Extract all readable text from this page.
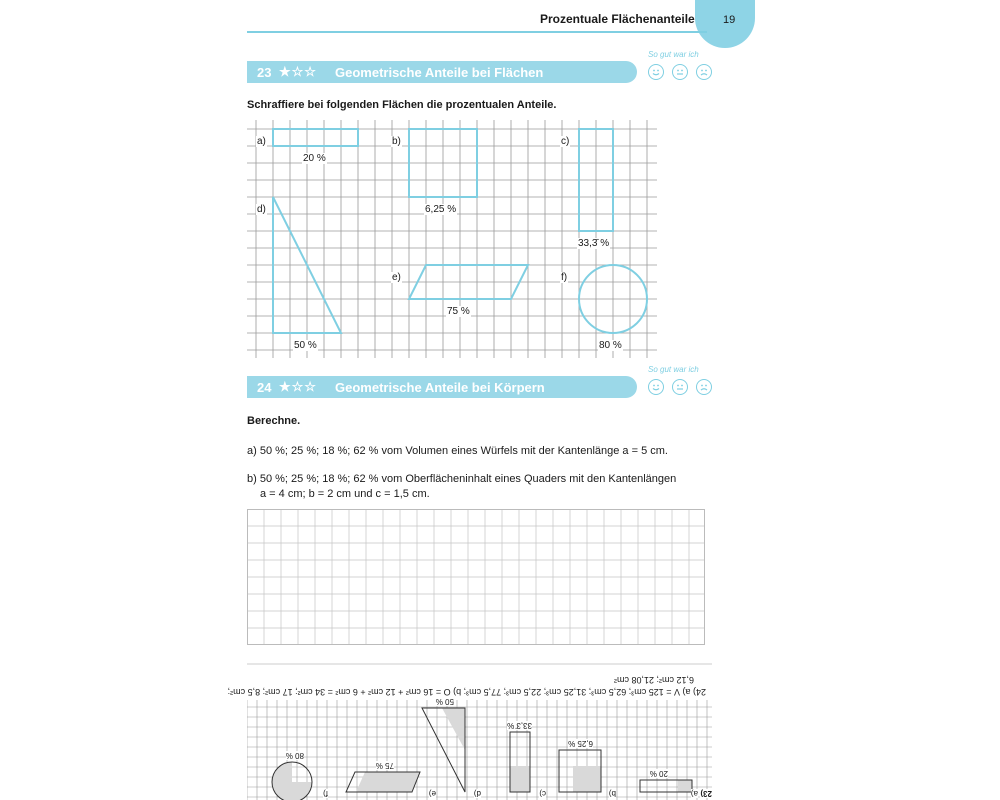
19
Prozentuale Flächenanteile
23 ★☆☆	Geometrische Anteile bei Flächen
So gut war ich
Schraffiere bei folgenden Flächen die prozentualen Anteile.
a)
20 %
b)
6,25 %
c)
33,3̄ %
d)
50 %
e)
75 %
f)
80 %
24 ★☆☆	Geometrische Anteile bei Körpern
So gut war ich
Berechne.
a) 50 %; 25 %; 18 %; 62 % vom Volumen eines Würfels mit der Kantenlänge a = 5 cm.
b) 50 %; 25 %; 18 %; 62 % vom Oberflächeninhalt eines Quaders mit den Kantenlängen
a = 4 cm; b = 2 cm und c = 1,5 cm.
24) a) V = 125 cm³; 62,5 cm³; 31,25 cm³; 22,5 cm³; 77,5 cm³; b) O = 16 cm² + 12 cm² + 6 cm² = 34 cm²; 17 cm²; 8,5 cm²;
6,12 cm²; 21,08 cm²
23)
a)
20 %
b)
6,25 %
c)
33,3̄ %
d)
50 %
e)
75 %
f)
80 %
